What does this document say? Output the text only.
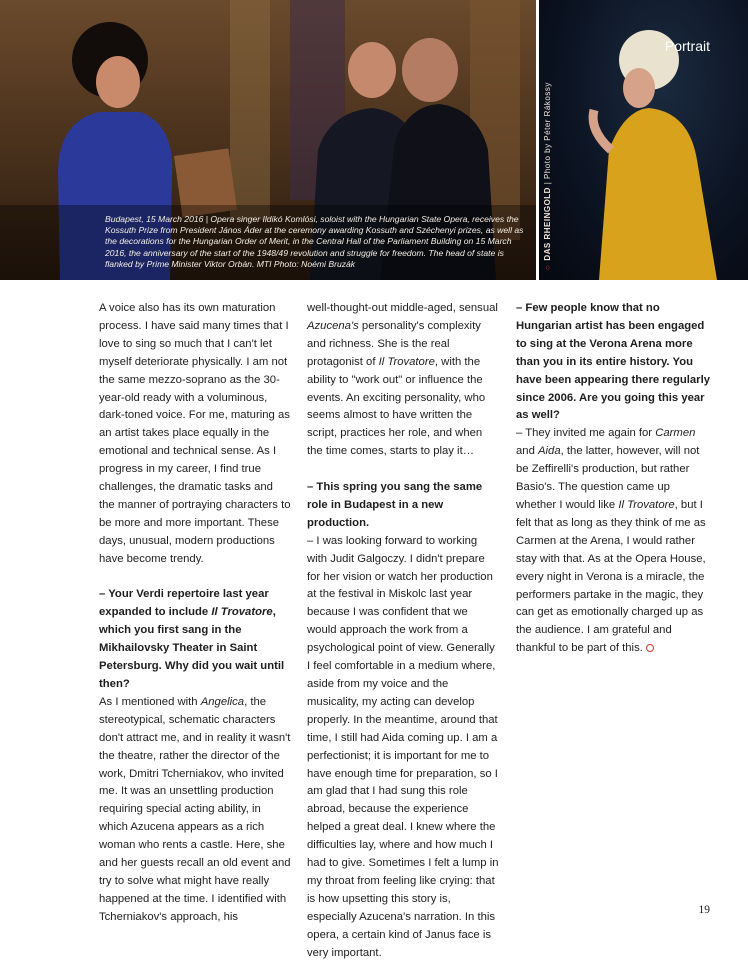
Budapest, 15 March 2016 | Opera singer Ildikó Komlósi, soloist with the Hungarian State Opera, receives the Kossuth Prize from President János Áder at the ceremony awarding Kossuth and Széchenyi prizes, as well as the decorations for the Hungarian Order of Merit, in the Central Hall of the Parliament Building on 15 March 2016, the anniversary of the start of the 1948/49 revolution and struggle for freedom. The head of state is flanked by Prime Minister Viktor Orbán. MTI Photo: Noémi Bruzák
Portrait
○DAS RHEINGOLD | Photo by Péter Rákossy

A voice also has its own maturation process. I have said many times that I love to sing so much that I can't let myself deteriorate physically. I am not the same mezzo-soprano as the 30-year-old ready with a voluminous, dark-toned voice. For me, maturing as an artist takes place equally in the emotional and technical sense. As I progress in my career, I find true challenges, the dramatic tasks and the manner of portraying characters to be more and more important. These days, unusual, modern productions have become trendy.

– Your Verdi repertoire last year expanded to include Il Trovatore, which you first sang in the Mikhailovsky Theater in Saint Petersburg. Why did you wait until then?

As I mentioned with Angelica, the stereotypical, schematic characters don't attract me, and in reality it wasn't the theatre, rather the director of the work, Dmitri Tcherniakov, who invited me. It was an unsettling production requiring special acting ability, in which Azucena appears as a rich woman who rents a castle. Here, she and her guests recall an old event and try to solve what might have really happened at the time. I identified with Tcherniakov's approach, his

well-thought-out middle-aged, sensual Azucena's personality's complexity and richness. She is the real protagonist of Il Trovatore, with the ability to "work out" or influence the events. An exciting personality, who seems almost to have written the script, practices her role, and when the time comes, starts to play it…

– This spring you sang the same role in Budapest in a new production.

– I was looking forward to working with Judit Galgoczy. I didn't prepare for her vision or watch her production at the festival in Miskolc last year because I was confident that we would approach the work from a psychological point of view. Generally I feel comfortable in a medium where, aside from my voice and the musicality, my acting can develop properly. In the meantime, around that time, I still had Aida coming up. I am a perfectionist; it is important for me to have enough time for preparation, so I am glad that I had sung this role abroad, because the experience helped a great deal. I knew where the difficulties lay, where and how much I had to give. Sometimes I felt a lump in my throat from feeling like crying: that is how upsetting this story is, especially Azucena's narration. In this opera, a certain kind of Janus face is very important.

– Few people know that no Hungarian artist has been engaged to sing at the Verona Arena more than you in its entire history. You have been appearing there regularly since 2006. Are you going this year as well?

– They invited me again for Carmen and Aida, the latter, however, will not be Zeffirelli's production, but rather Basio's. The question came up whether I would like Il Trovatore, but I felt that as long as they think of me as Carmen at the Arena, I would rather stay with that. As at the Opera House, every night in Verona is a miracle, the performers partake in the magic, they can get as emotionally charged up as the audience. I am grateful and thankful to be part of this.

19
